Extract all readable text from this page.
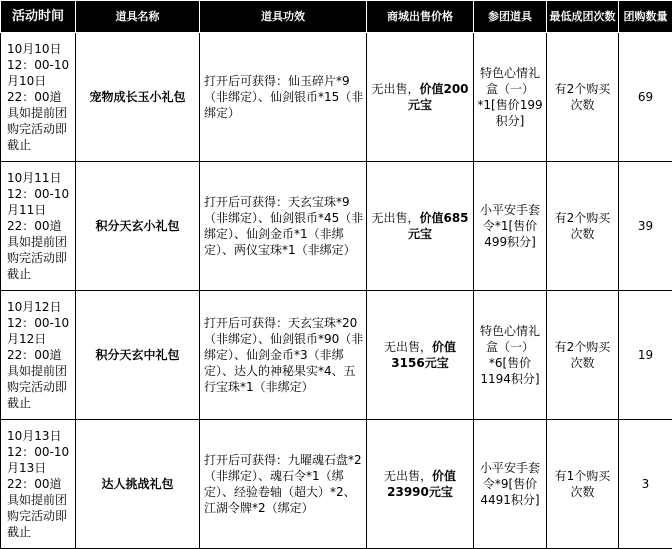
活动时间	道具名称	道具功效	商城出售价格	参团道具	最低成团次数	团购数量
10月10日12：00-10月10日22：00道具如提前团购完活动即截止	宠物成长玉小礼包	打开后可获得：仙玉碎片*9（非绑定）、仙剑银币*15（非绑定）	无出售，价值200元宝	特色心情礼盒（一）*1[售价199积分]	有2个购买次数	69
10月11日12：00-10月11日22：00道具如提前团购完活动即截止	积分天玄小礼包	打开后可获得：天玄宝珠*9（非绑定）、仙剑银币*45（非绑定）、仙剑金币*1（非绑定）、两仪宝珠*1（非绑定）	无出售，价值685元宝	小平安手套令*1[售价499积分]	有2个购买次数	39
10月12日12：00-10月12日22：00道具如提前团购完活动即截止	积分天玄中礼包	打开后可获得：天玄宝珠*20（非绑定）、仙剑银币*90（非绑定）、仙剑金币*3（非绑定）、达人的神秘果实*4、五行宝珠*1（非绑定）	无出售，价值3156元宝	特色心情礼盒（一）*6[售价1194积分]	有2个购买次数	19
10月13日12：00-10月13日22：00道具如提前团购完活动即截止	达人挑战礼包	打开后可获得：九曜魂石盘*2（非绑定）、魂石令*1（绑定）、经验卷轴（超大）*2、江湖令牌*2（绑定）	无出售，价值23990元宝	小平安手套令*9[售价4491积分]	有1个购买次数	3
